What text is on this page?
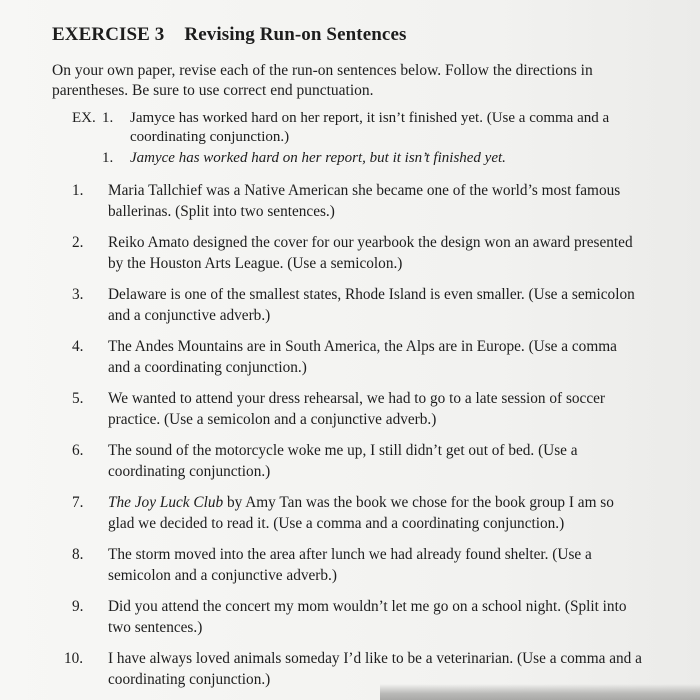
EXERCISE 3 Revising Run-on Sentences
On your own paper, revise each of the run-on sentences below. Follow the directions in parentheses. Be sure to use correct end punctuation.
EX. 1. Jamyce has worked hard on her report, it isn’t finished yet. (Use a comma and a coordinating conjunction.)
1. Jamyce has worked hard on her report, but it isn’t finished yet.
1. Maria Tallchief was a Native American she became one of the world’s most famous ballerinas. (Split into two sentences.)
2. Reiko Amato designed the cover for our yearbook the design won an award presented by the Houston Arts League. (Use a semicolon.)
3. Delaware is one of the smallest states, Rhode Island is even smaller. (Use a semicolon and a conjunctive adverb.)
4. The Andes Mountains are in South America, the Alps are in Europe. (Use a comma and a coordinating conjunction.)
5. We wanted to attend your dress rehearsal, we had to go to a late session of soccer practice. (Use a semicolon and a conjunctive adverb.)
6. The sound of the motorcycle woke me up, I still didn’t get out of bed. (Use a coordinating conjunction.)
7. The Joy Luck Club by Amy Tan was the book we chose for the book group I am so glad we decided to read it. (Use a comma and a coordinating conjunction.)
8. The storm moved into the area after lunch we had already found shelter. (Use a semicolon and a conjunctive adverb.)
9. Did you attend the concert my mom wouldn’t let me go on a school night. (Split into two sentences.)
10. I have always loved animals someday I’d like to be a veterinarian. (Use a comma and a coordinating conjunction.)
